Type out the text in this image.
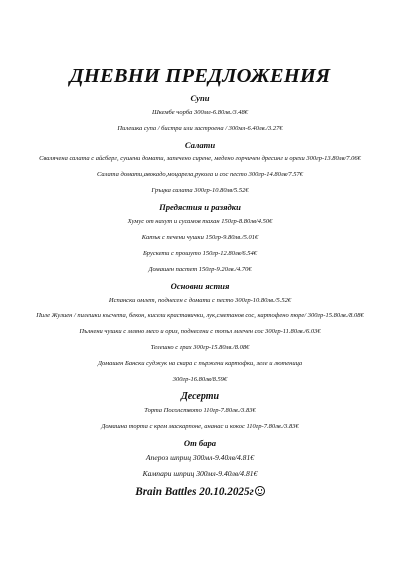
ДНЕВНИ ПРЕДЛОЖЕНИЯ
Супи
Шкембе чорба 300мл-6.80лв./3.48€
Пилешка супа / бистра или застроена / 300мл-6.40лв./3.27€
Салати
Свалячена салата с айсберг, сушени домати, запечено сирене, медено горчичен дресинг и орехи 300гр-13.80лв/7.06€
Салата домати,авокадо,моцарела,рукола и сос песто 300гр-14.80лв/7.57€
Гръцка салата 300гр-10.80лв/5.52€
Предястия и разядки
Хумус от нахут и сусамов тахан 150гр-8.80лв/4.50€
Катък с печени чушки 150гр-9.80лв./5.01€
Брускети с прошуто 150гр-12.80лв/6.54€
Домашен пастет 150гр-9.20лв./4.70€
Основни ястия
Испански омлет, поднесен с домати с песто 300гр-10.80лв./5.52€
Пиле Жулиен / пилешки късчета, бекон, кисели краставички, лук,сметанов сос, картофено пюре/ 300гр-15.80лв./8.08€
Пълнени чушки с мляно месо и ориз, поднесени с топъл млечен сос 300гр-11.80лв./6.03€
Телешко с грах 300гр-15.80лв./8.08€
Домашен Бански суджук на скара с пържени картофки, зеле и лютеница
300гр-16.80лв/8.59€
Десерти
Торта Посолството 110гр-7.80лв./3.83€
Домашна торта с крем маскарпоне, ананас и кокос 110гр-7.80лв./3.83€
От бара
Апероз шприц 300мл-9.40лв/4.81€
Кампари шприц 300мл-9.40лв/4.81€
Brain Battles 20.10.2025г
